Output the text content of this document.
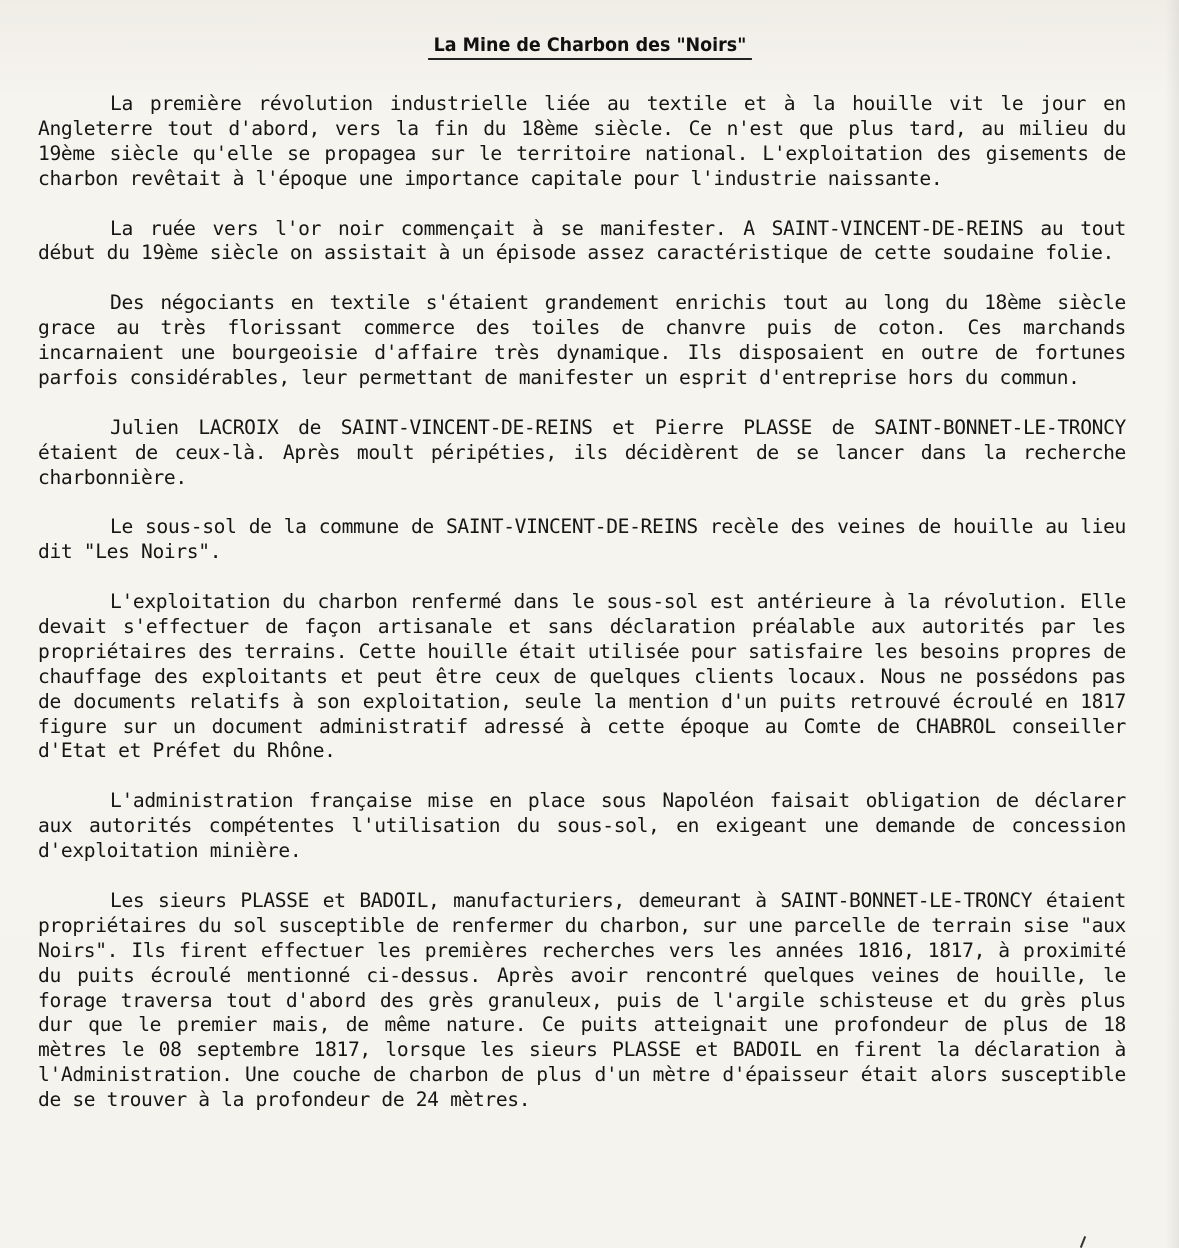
La Mine de Charbon des "Noirs"

La première révolution industrielle liée au textile et à la houille vit le jour en Angleterre tout d'abord, vers la fin du 18ème siècle. Ce n'est que plus tard, au milieu du 19ème siècle qu'elle se propagea sur le territoire national. L'exploitation des gisements de charbon revêtait à l'époque une importance capitale pour l'industrie naissante.

La ruée vers l'or noir commençait à se manifester. A SAINT-VINCENT-DE-REINS au tout début du 19ème siècle on assistait à un épisode assez caractéristique de cette soudaine folie.

Des négociants en textile s'étaient grandement enrichis tout au long du 18ème siècle grace au très florissant commerce des toiles de chanvre puis de coton. Ces marchands incarnaient une bourgeoisie d'affaire très dynamique. Ils disposaient en outre de fortunes parfois considérables, leur permettant de manifester un esprit d'entreprise hors du commun.

Julien LACROIX de SAINT-VINCENT-DE-REINS et Pierre PLASSE de SAINT-BONNET-LE-TRONCY étaient de ceux-là. Après moult péripéties, ils décidèrent de se lancer dans la recherche charbonnière.

Le sous-sol de la commune de SAINT-VINCENT-DE-REINS recèle des veines de houille au lieu dit "Les Noirs".

L'exploitation du charbon renfermé dans le sous-sol est antérieure à la révolution. Elle devait s'effectuer de façon artisanale et sans déclaration préalable aux autorités par les propriétaires des terrains. Cette houille était utilisée pour satisfaire les besoins propres de chauffage des exploitants et peut être ceux de quelques clients locaux. Nous ne possédons pas de documents relatifs à son exploitation, seule la mention d'un puits retrouvé écroulé en 1817 figure sur un document administratif adressé à cette époque au Comte de CHABROL conseiller d'Etat et Préfet du Rhône.

L'administration française mise en place sous Napoléon faisait obligation de déclarer aux autorités compétentes l'utilisation du sous-sol, en exigeant une demande de concession d'exploitation minière.

Les sieurs PLASSE et BADOIL, manufacturiers, demeurant à SAINT-BONNET-LE-TRONCY étaient propriétaires du sol susceptible de renfermer du charbon, sur une parcelle de terrain sise "aux Noirs". Ils firent effectuer les premières recherches vers les années 1816, 1817, à proximité du puits écroulé mentionné ci-dessus. Après avoir rencontré quelques veines de houille, le forage traversa tout d'abord des grès granuleux, puis de l'argile schisteuse et du grès plus dur que le premier mais, de même nature. Ce puits atteignait une profondeur de plus de 18 mètres le 08 septembre 1817, lorsque les sieurs PLASSE et BADOIL en firent la déclaration à l'Administration. Une couche de charbon de plus d'un mètre d'épaisseur était alors susceptible de se trouver à la profondeur de 24 mètres.
